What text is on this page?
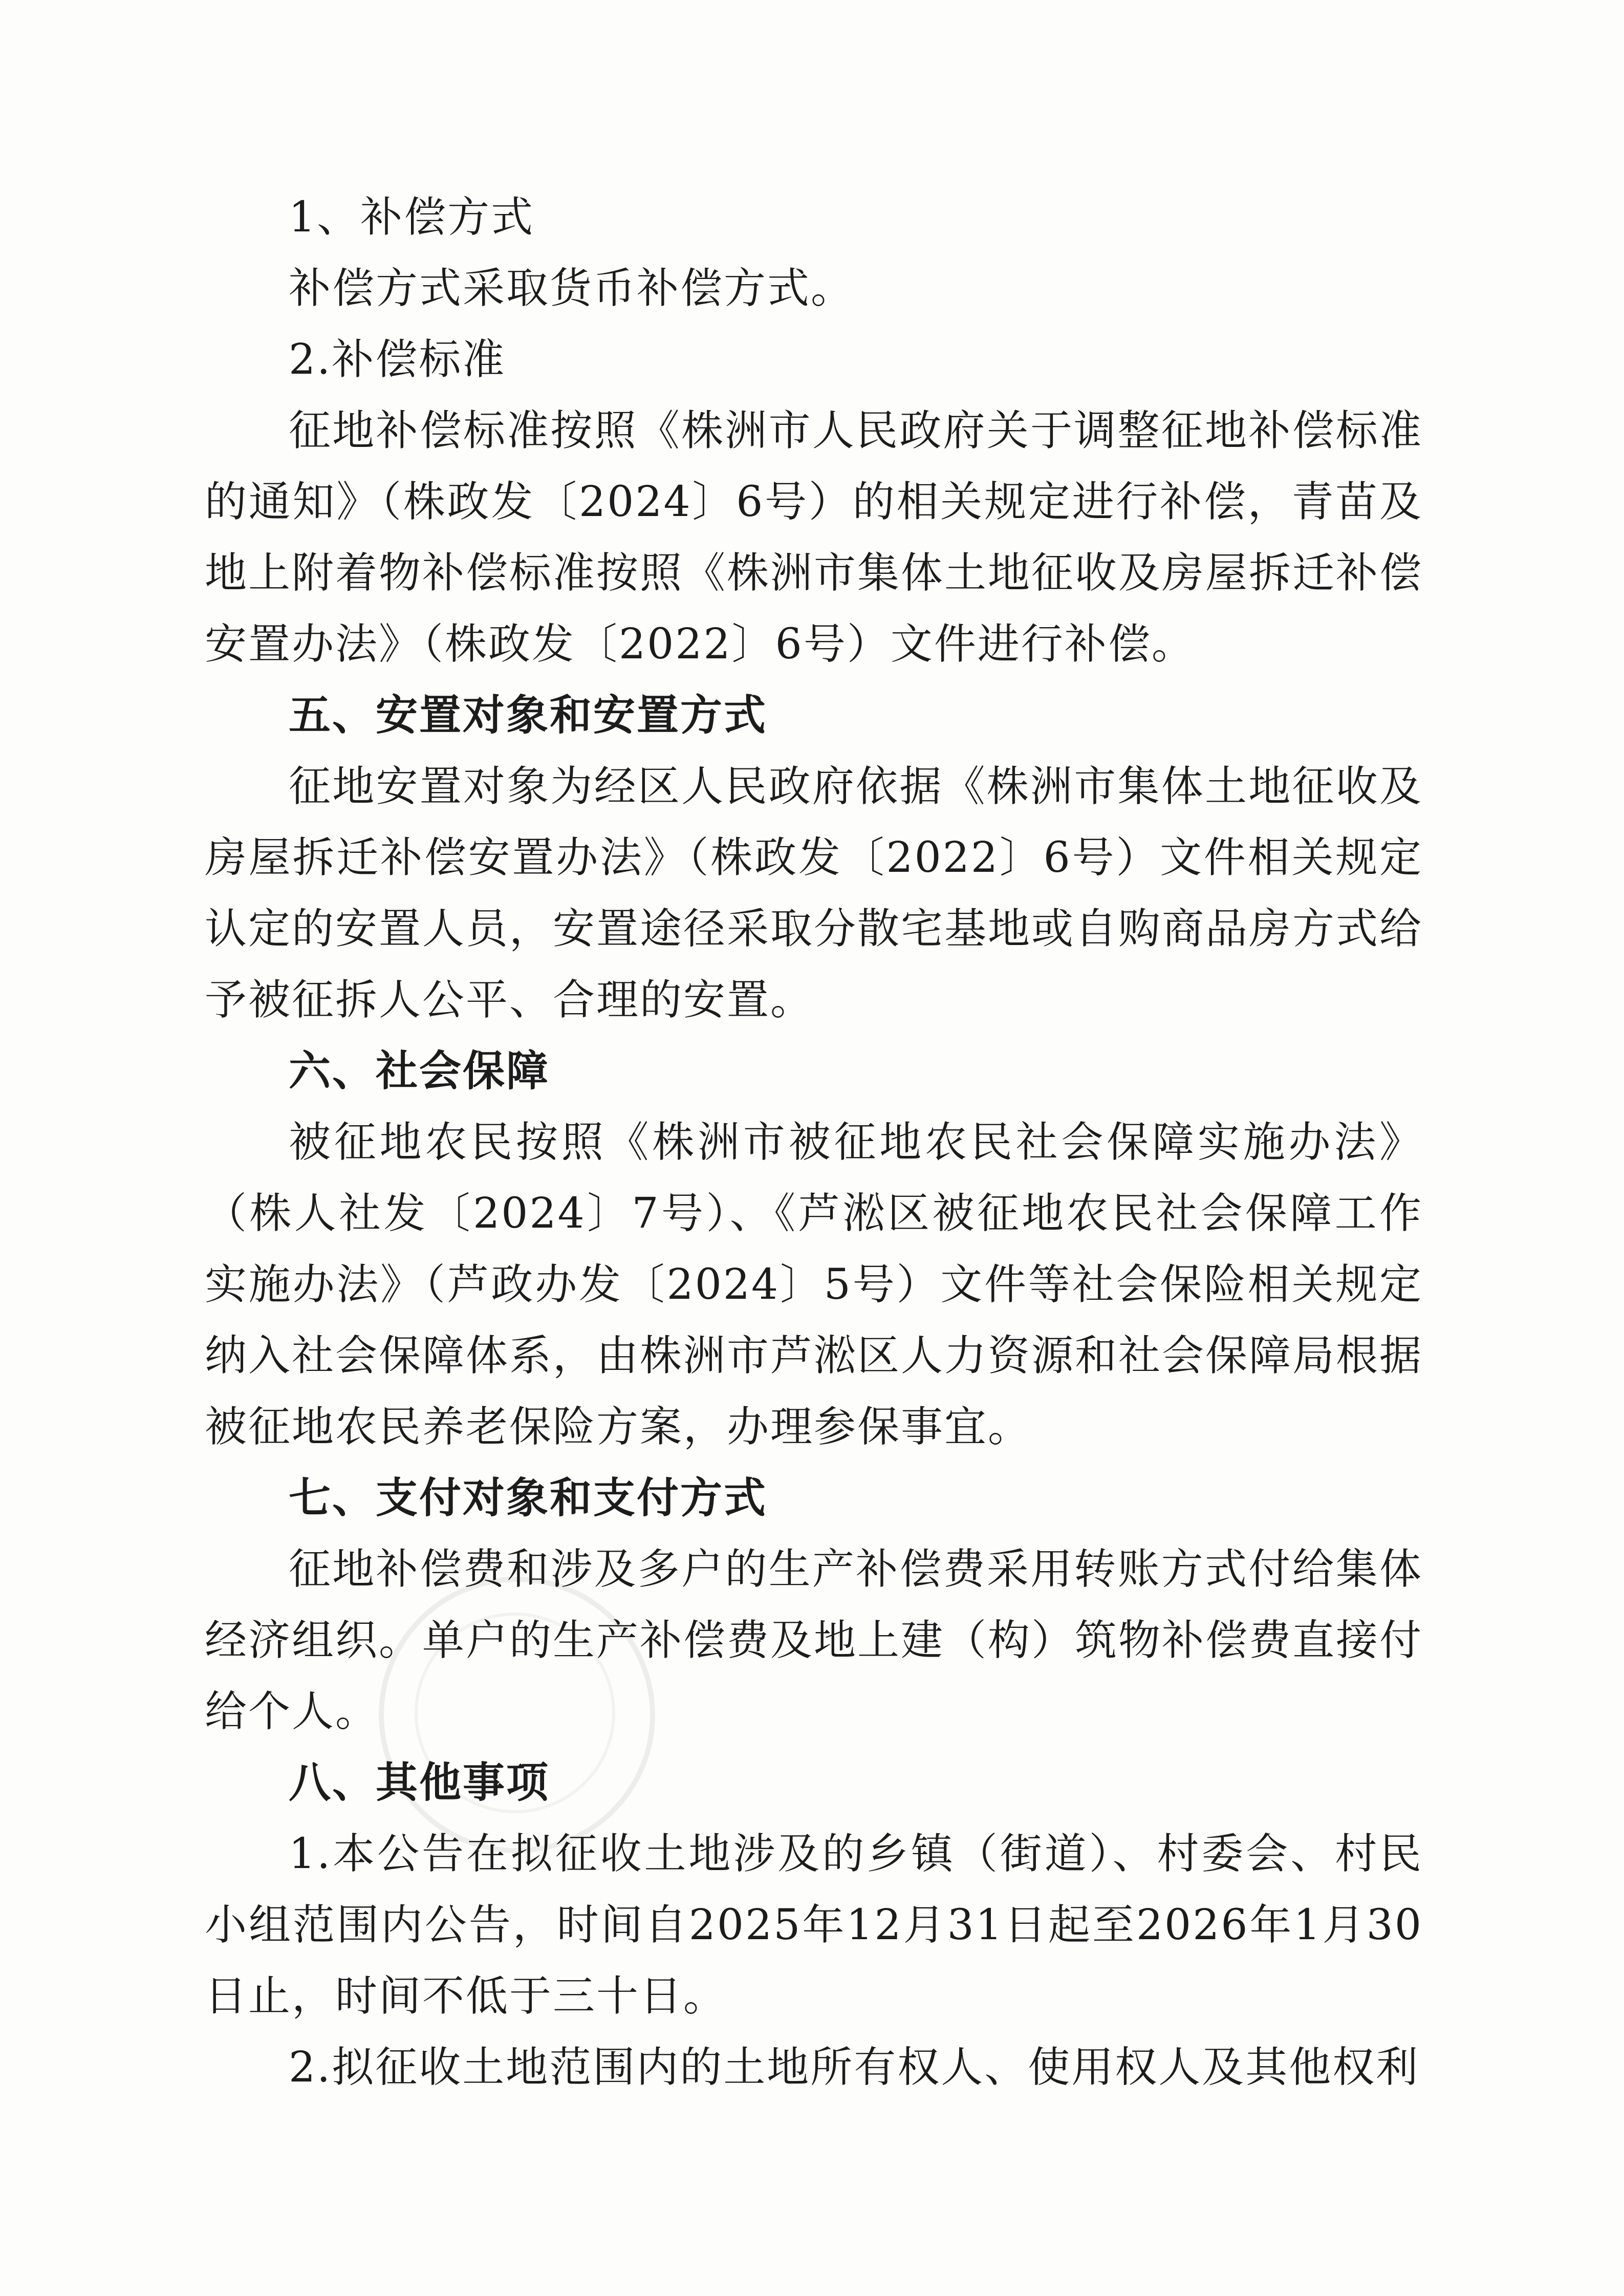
1、补偿方式
补偿方式采取货币补偿方式。
2.补偿标准
征地补偿标准按照《株洲市人民政府关于调整征地补偿标准的通知》（株政发〔2024〕6号）的相关规定进行补偿，青苗及地上附着物补偿标准按照《株洲市集体土地征收及房屋拆迁补偿安置办法》（株政发〔2022〕6号）文件进行补偿。
五、安置对象和安置方式
征地安置对象为经区人民政府依据《株洲市集体土地征收及房屋拆迁补偿安置办法》（株政发〔2022〕6号）文件相关规定认定的安置人员，安置途径采取分散宅基地或自购商品房方式给予被征拆人公平、合理的安置。
六、社会保障
被征地农民按照《株洲市被征地农民社会保障实施办法》（株人社发〔2024〕7号）、《芦淞区被征地农民社会保障工作实施办法》（芦政办发〔2024〕5号）文件等社会保险相关规定纳入社会保障体系，由株洲市芦淞区人力资源和社会保障局根据被征地农民养老保险方案，办理参保事宜。
七、支付对象和支付方式
征地补偿费和涉及多户的生产补偿费采用转账方式付给集体经济组织。单户的生产补偿费及地上建（构）筑物补偿费直接付给个人。
八、其他事项
1.本公告在拟征收土地涉及的乡镇（街道）、村委会、村民小组范围内公告，时间自2025年12月31日起至2026年1月30日止，时间不低于三十日。
2.拟征收土地范围内的土地所有权人、使用权人及其他权利
